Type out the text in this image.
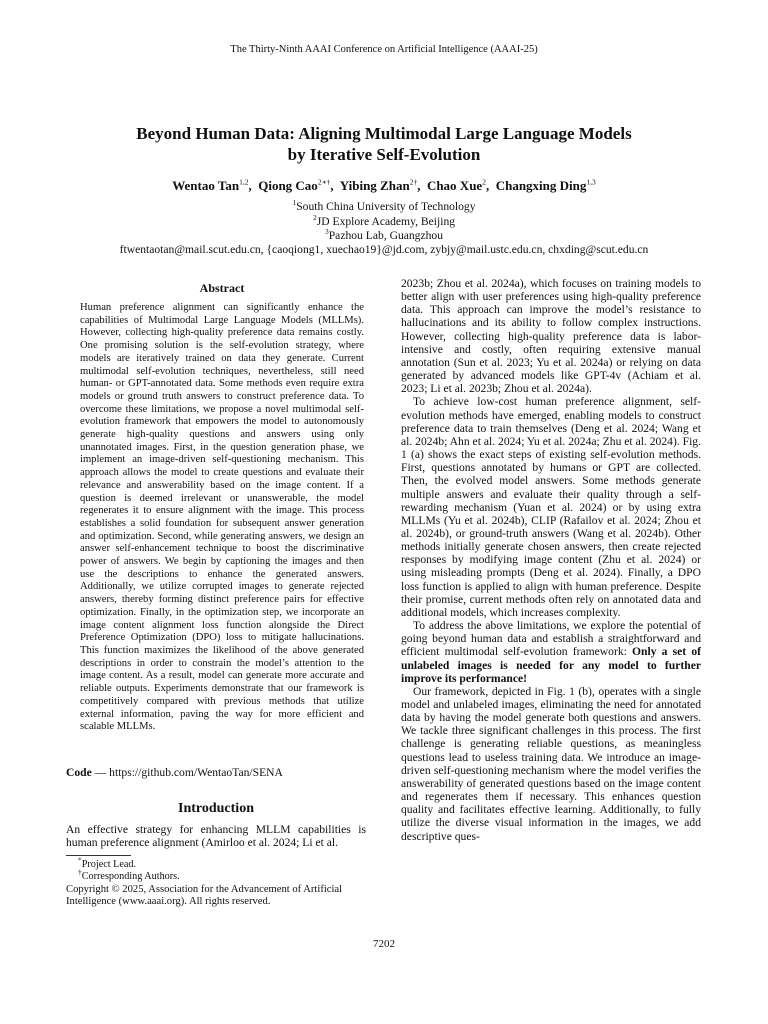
The Thirty-Ninth AAAI Conference on Artificial Intelligence (AAAI-25)
Beyond Human Data: Aligning Multimodal Large Language Models
by Iterative Self-Evolution
Wentao Tan$^{1,2}$,  Qiong Cao$^{2∗\dagger}$,  Yibing Zhan$^{2\dagger}$,  Chao Xue$^2$,  Changxing Ding$^{1,3}$
$^1$South China University of Technology
$^2$JD Explore Academy, Beijing
$^3$Pazhou Lab, Guangzhou
ftwentaotan@mail.scut.edu.cn, {caoqiong1, xuechao19}@jd.com, zybjy@mail.ustc.edu.cn, chxding@scut.edu.cn
Abstract
Human preference alignment can significantly enhance the capabilities of Multimodal Large Language Models (MLLMs). However, collecting high-quality preference data remains costly. One promising solution is the self-evolution strategy, where models are iteratively trained on data they generate. Current multimodal self-evolution techniques, nevertheless, still need human- or GPT-annotated data. Some methods even require extra models or ground truth answers to construct preference data. To overcome these limitations, we propose a novel multimodal self-evolution framework that empowers the model to autonomously generate high-quality questions and answers using only unannotated images. First, in the question generation phase, we implement an image-driven self-questioning mechanism. This approach allows the model to create questions and evaluate their relevance and answerability based on the image content. If a question is deemed irrelevant or unanswerable, the model regenerates it to ensure alignment with the image. This process establishes a solid foundation for subsequent answer generation and optimization. Second, while generating answers, we design an answer self-enhancement technique to boost the discriminative power of answers. We begin by captioning the images and then use the descriptions to enhance the generated answers. Additionally, we utilize corrupted images to generate rejected answers, thereby forming distinct preference pairs for effective optimization. Finally, in the optimization step, we incorporate an image content alignment loss function alongside the Direct Preference Optimization (DPO) loss to mitigate hallucinations. This function maximizes the likelihood of the above generated descriptions in order to constrain the model’s attention to the image content. As a result, model can generate more accurate and reliable outputs. Experiments demonstrate that our framework is competitively compared with previous methods that utilize external information, paving the way for more efficient and scalable MLLMs.
Code — https://github.com/WentaoTan/SENA
Introduction
An effective strategy for enhancing MLLM capabilities is human preference alignment (Amirloo et al. 2024; Li et al.
*Project Lead.
†Corresponding Authors.
Copyright © 2025, Association for the Advancement of Artificial Intelligence (www.aaai.org). All rights reserved.

2023b; Zhou et al. 2024a), which focuses on training models to better align with user preferences using high-quality preference data. This approach can improve the model’s resistance to hallucinations and its ability to follow complex instructions. However, collecting high-quality preference data is labor-intensive and costly, often requiring extensive manual annotation (Sun et al. 2023; Yu et al. 2024a) or relying on data generated by advanced models like GPT-4v (Achiam et al. 2023; Li et al. 2023b; Zhou et al. 2024a).

To achieve low-cost human preference alignment, self-evolution methods have emerged, enabling models to construct preference data to train themselves (Deng et al. 2024; Wang et al. 2024b; Ahn et al. 2024; Yu et al. 2024a; Zhu et al. 2024). Fig. 1 (a) shows the exact steps of existing self-evolution methods. First, questions annotated by humans or GPT are collected. Then, the evolved model answers. Some methods generate multiple answers and evaluate their quality through a self-rewarding mechanism (Yuan et al. 2024) or by using extra MLLMs (Yu et al. 2024b), CLIP (Rafailov et al. 2024; Zhou et al. 2024b), or ground-truth answers (Wang et al. 2024b). Other methods initially generate chosen answers, then create rejected responses by modifying image content (Zhu et al. 2024) or using misleading prompts (Deng et al. 2024). Finally, a DPO loss function is applied to align with human preference. Despite their promise, current methods often rely on annotated data and additional models, which increases complexity.

To address the above limitations, we explore the potential of going beyond human data and establish a straightforward and efficient multimodal self-evolution framework: Only a set of unlabeled images is needed for any model to further improve its performance!

Our framework, depicted in Fig. 1 (b), operates with a single model and unlabeled images, eliminating the need for annotated data by having the model generate both questions and answers. We tackle three significant challenges in this process. The first challenge is generating reliable questions, as meaningless questions lead to useless training data. We introduce an image-driven self-questioning mechanism where the model verifies the answerability of generated questions based on the image content and regenerates them if necessary. This enhances question quality and facilitates effective learning. Additionally, to fully utilize the diverse visual information in the images, we add descriptive ques-

7202
